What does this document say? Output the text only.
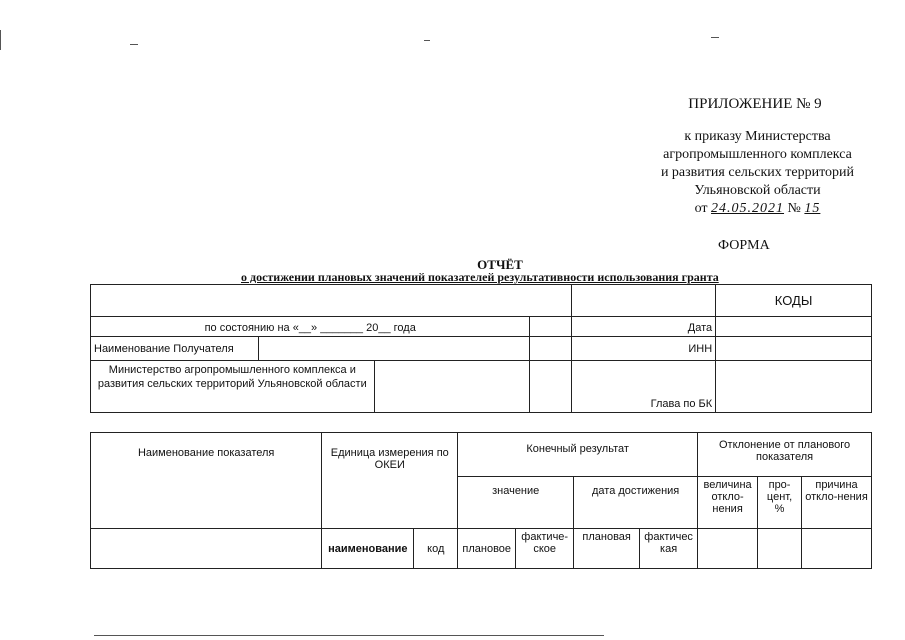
ПРИЛОЖЕНИЕ № 9
к приказу Министерства
агропромышленного комплекса
и развития сельских территорий
Ульяновской области
от 24.05.2021 № 15
ФОРМА
ОТЧЁТ
о достижении плановых значений показателей результативности использования гранта
					КОДЫ
по состоянию на «__» _______ 20__ года				Дата	
Наименование Получателя				ИНН	
Министерство агропромышленного комплекса и развития сельских территорий Ульяновской области				Глава по БК	
Наименование показателя	Единица измерения по ОКЕИ		Конечный результат				Отклонение от планового показателя		
			значение		дата достижения		величина откло-нения	про-цент, %	причина откло-нения
	наименование	код	плановое	фактиче-ское	плановая	фактичес кая			
